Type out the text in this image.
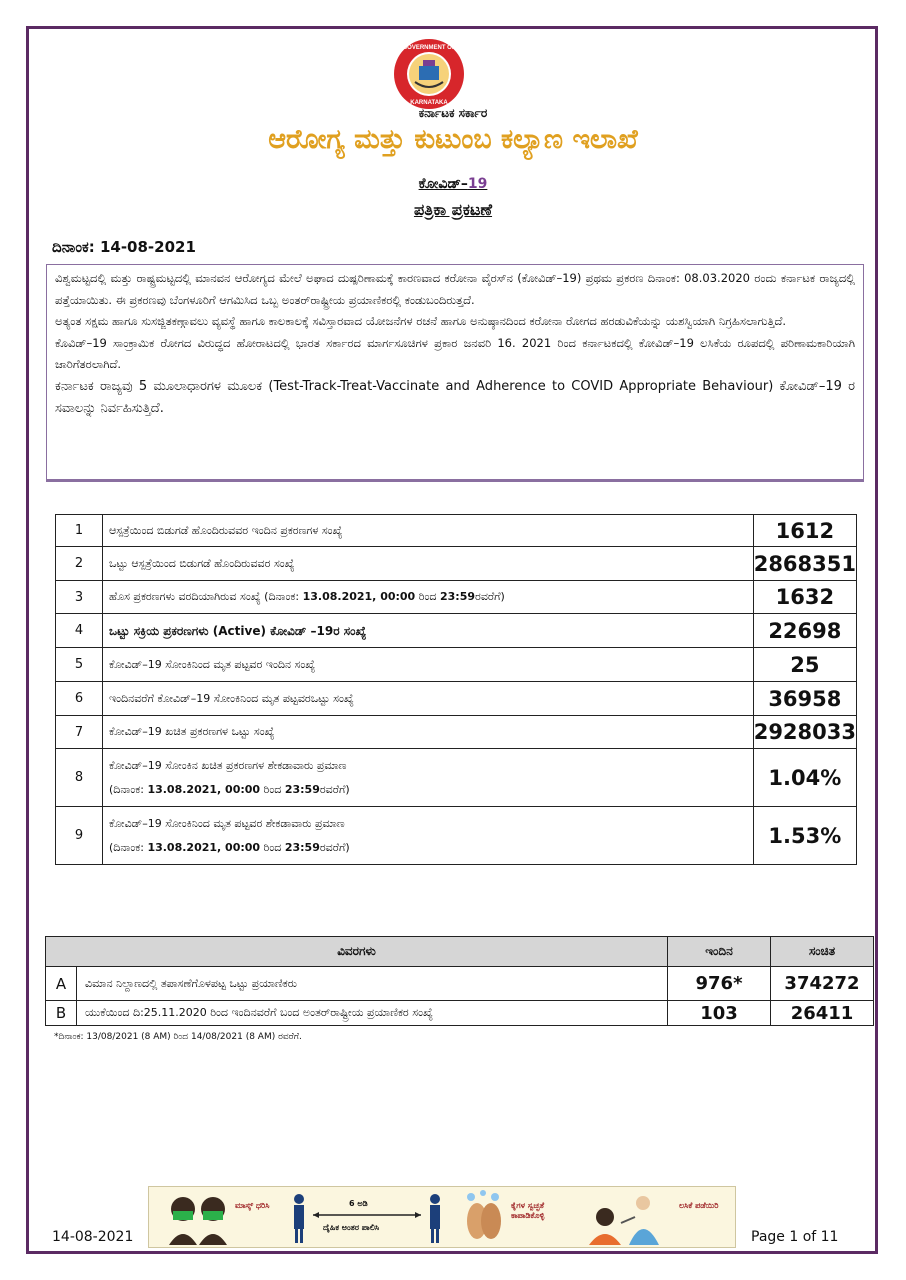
GOVERNMENT OF
KARNATAKA
ಕರ್ನಾಟಕ ಸರ್ಕಾರ
ಆರೋಗ್ಯ ಮತ್ತು ಕುಟುಂಬ ಕಲ್ಯಾಣ ಇಲಾಖೆ
ಕೋವಿಡ್–19
ಪತ್ರಿಕಾ ಪ್ರಕಟಣೆ
ದಿನಾಂಕ: 14-08-2021

ವಿಶ್ವಮಟ್ಟದಲ್ಲಿ ಮತ್ತು ರಾಷ್ಟ್ರಮಟ್ಟದಲ್ಲಿ ಮಾನವನ ಆರೋಗ್ಯದ ಮೇಲೆ ಅಘಾದ ದುಷ್ಪರಿಣಾಮಕ್ಕೆ ಕಾರಣವಾದ ಕರೋನಾ ವೈರಸ್‌ನ (ಕೋವಿಡ್–19) ಪ್ರಥಮ ಪ್ರಕರಣ ದಿನಾಂಕ: 08.03.2020 ರಂದು ಕರ್ನಾಟಕ ರಾಜ್ಯದಲ್ಲಿ ಪತ್ತೆಯಾಯಿತು. ಈ ಪ್ರಕರಣವು ಬೆಂಗಳೂರಿಗೆ ಆಗಮಿಸಿದ ಒಬ್ಬ ಅಂತರ್‌ರಾಷ್ಟ್ರೀಯ ಪ್ರಯಾಣಿಕರಲ್ಲಿ ಕಂಡುಬಂದಿರುತ್ತದೆ.

ಅತ್ಯಂತ ಸಕ್ಷಮ ಹಾಗೂ ಸುಸಜ್ಜಿತಕಣ್ಗಾವಲು ವ್ಯವಸ್ಥೆ ಹಾಗೂ ಕಾಲಕಾಲಕ್ಕೆ ಸವಿಸ್ತಾರವಾದ ಯೋಜನೆಗಳ ರಚನೆ ಹಾಗೂ ಅನುಷ್ಠಾನದಿಂದ ಕರೋನಾ ರೋಗದ ಹರಡುವಿಕೆಯನ್ನು ಯಶಸ್ವಿಯಾಗಿ ನಿಗ್ರಹಿಸಲಾಗುತ್ತಿದೆ.

ಕೊವಿಡ್–19 ಸಾಂಕ್ರಾಮಿಕ ರೋಗದ ವಿರುದ್ಧದ ಹೋರಾಟದಲ್ಲಿ ಭಾರತ ಸರ್ಕಾರದ ಮಾರ್ಗಸೂಚಿಗಳ ಪ್ರಕಾರ ಜನವರಿ 16. 2021 ರಿಂದ ಕರ್ನಾಟಕದಲ್ಲಿ ಕೋವಿಡ್–19 ಲಸಿಕೆಯ ರೂಪದಲ್ಲಿ ಪರಿಣಾಮಕಾರಿಯಾಗಿ ಜಾರಿಗೆತರಲಾಗಿದೆ.

ಕರ್ನಾಟಕ ರಾಜ್ಯವು 5 ಮೂಲಾಧಾರಗಳ ಮೂಲಕ (Test-Track-Treat-Vaccinate and Adherence to COVID Appropriate Behaviour) ಕೋವಿಡ್–19 ರ ಸವಾಲನ್ನು ನಿರ್ವಹಿಸುತ್ತಿದೆ.

1	ಆಸ್ಪತ್ರೆಯಿಂದ ಬಿಡುಗಡೆ ಹೊಂದಿರುವವರ ಇಂದಿನ ಪ್ರಕರಣಗಳ ಸಂಖ್ಯೆ	1612
2	ಒಟ್ಟು ಆಸ್ಪತ್ರೆಯಿಂದ ಬಿಡುಗಡೆ ಹೊಂದಿರುವವರ ಸಂಖ್ಯೆ	2868351
3	ಹೊಸ ಪ್ರಕರಣಗಳು ವರದಿಯಾಗಿರುವ ಸಂಖ್ಯೆ (ದಿನಾಂಕ: 13.08.2021, 00:00 ರಿಂದ 23:59ರವರೆಗೆ)	1632
4	ಒಟ್ಟು ಸಕ್ರಿಯ ಪ್ರಕರಣಗಳು (Active) ಕೋವಿಡ್ –19ರ ಸಂಖ್ಯೆ	22698
5	ಕೋವಿಡ್–19 ಸೋಂಕಿನಿಂದ ಮೃತ ಪಟ್ಟವರ ಇಂದಿನ ಸಂಖ್ಯೆ	25
6	ಇಂದಿನವರೆಗೆ ಕೋವಿಡ್–19 ಸೋಂಕಿನಿಂದ ಮೃತ ಪಟ್ಟವರಒಟ್ಟು ಸಂಖ್ಯೆ	36958
7	ಕೋವಿಡ್–19 ಖಚಿತ ಪ್ರಕರಣಗಳ ಒಟ್ಟು ಸಂಖ್ಯೆ	2928033
8	ಕೋವಿಡ್–19 ಸೋಂಕಿನ ಖಚಿತ ಪ್ರಕರಣಗಳ ಶೇಕಡಾವಾರು ಪ್ರಮಾಣ
(ದಿನಾಂಕ: 13.08.2021, 00:00 ರಿಂದ 23:59ರವರೆಗೆ)	1.04%
9	ಕೋವಿಡ್–19 ಸೋಂಕಿನಿಂದ ಮೃತ ಪಟ್ಟವರ ಶೇಕಡಾವಾರು ಪ್ರಮಾಣ
(ದಿನಾಂಕ: 13.08.2021, 00:00 ರಿಂದ 23:59ರವರೆಗೆ)	1.53%
ವಿವರಗಳು		ಇಂದಿನ	ಸಂಚಿತ
A	ವಿಮಾನ ನಿಲ್ದಾಣದಲ್ಲಿ ತಪಾಸಣೆಗೊಳಪಟ್ಟ ಒಟ್ಟು ಪ್ರಯಾಣಿಕರು	976*	374272
B	ಯುಕೆಯಿಂದ ದಿ:25.11.2020 ರಿಂದ ಇಂದಿನವರೆಗೆ ಬಂದ ಅಂತರ್‌ರಾಷ್ಟ್ರೀಯ ಪ್ರಯಾಣಿಕರ ಸಂಖ್ಯೆ	103	26411
*ದಿನಾಂಕ: 13/08/2021 (8 AM) ರಿಂದ 14/08/2021 (8 AM) ರವರೆಗೆ.
ಮಾಸ್ಕ್ ಧರಿಸಿ	6 ಅಡಿ
ದೈಹಿಕ ಅಂತರ ಪಾಲಿಸಿ
ಕೈಗಳ ಸ್ವಚ್ಛತೆ ಕಾಪಾಡಿಕೊಳ್ಳಿ
ಲಸಿಕೆ ಪಡೆಯಿರಿ
14-08-2021	Page 1 of 11
